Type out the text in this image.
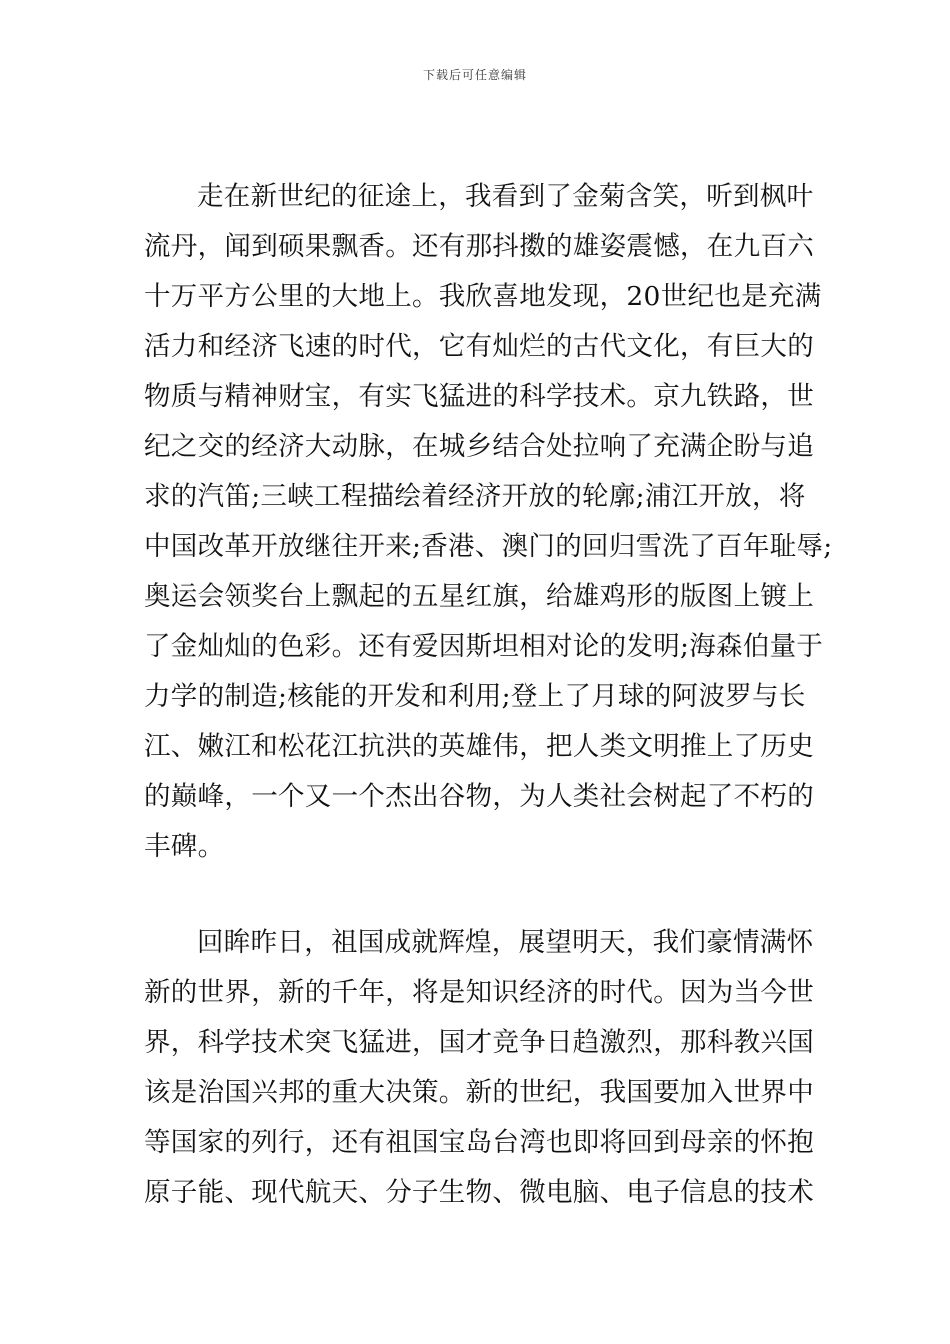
下载后可任意编辑
走在新世纪的征途上，我看到了金菊含笑，听到枫叶
流丹，闻到硕果飘香。还有那抖擞的雄姿震憾，在九百六
十万平方公里的大地上。我欣喜地发现，20世纪也是充满
活力和经济飞速的时代，它有灿烂的古代文化，有巨大的
物质与精神财宝，有实飞猛进的科学技术。京九铁路，世
纪之交的经济大动脉，在城乡结合处拉响了充满企盼与追
求的汽笛;三峡工程描绘着经济开放的轮廓;浦江开放，将
中国改革开放继往开来;香港、澳门的回归雪洗了百年耻辱;
奥运会领奖台上飘起的五星红旗，给雄鸡形的版图上镀上
了金灿灿的色彩。还有爱因斯坦相对论的发明;海森伯量于
力学的制造;核能的开发和利用;登上了月球的阿波罗与长
江、嫩江和松花江抗洪的英雄伟，把人类文明推上了历史
的巅峰，一个又一个杰出谷物，为人类社会树起了不朽的
丰碑。
回眸昨日，祖国成就辉煌，展望明天，我们豪情满怀
新的世界，新的千年，将是知识经济的时代。因为当今世
界，科学技术突飞猛进，国才竞争日趋激烈，那科教兴国
该是治国兴邦的重大决策。新的世纪，我国要加入世界中
等国家的列行，还有祖国宝岛台湾也即将回到母亲的怀抱
原子能、现代航天、分子生物、微电脑、电子信息的技术
